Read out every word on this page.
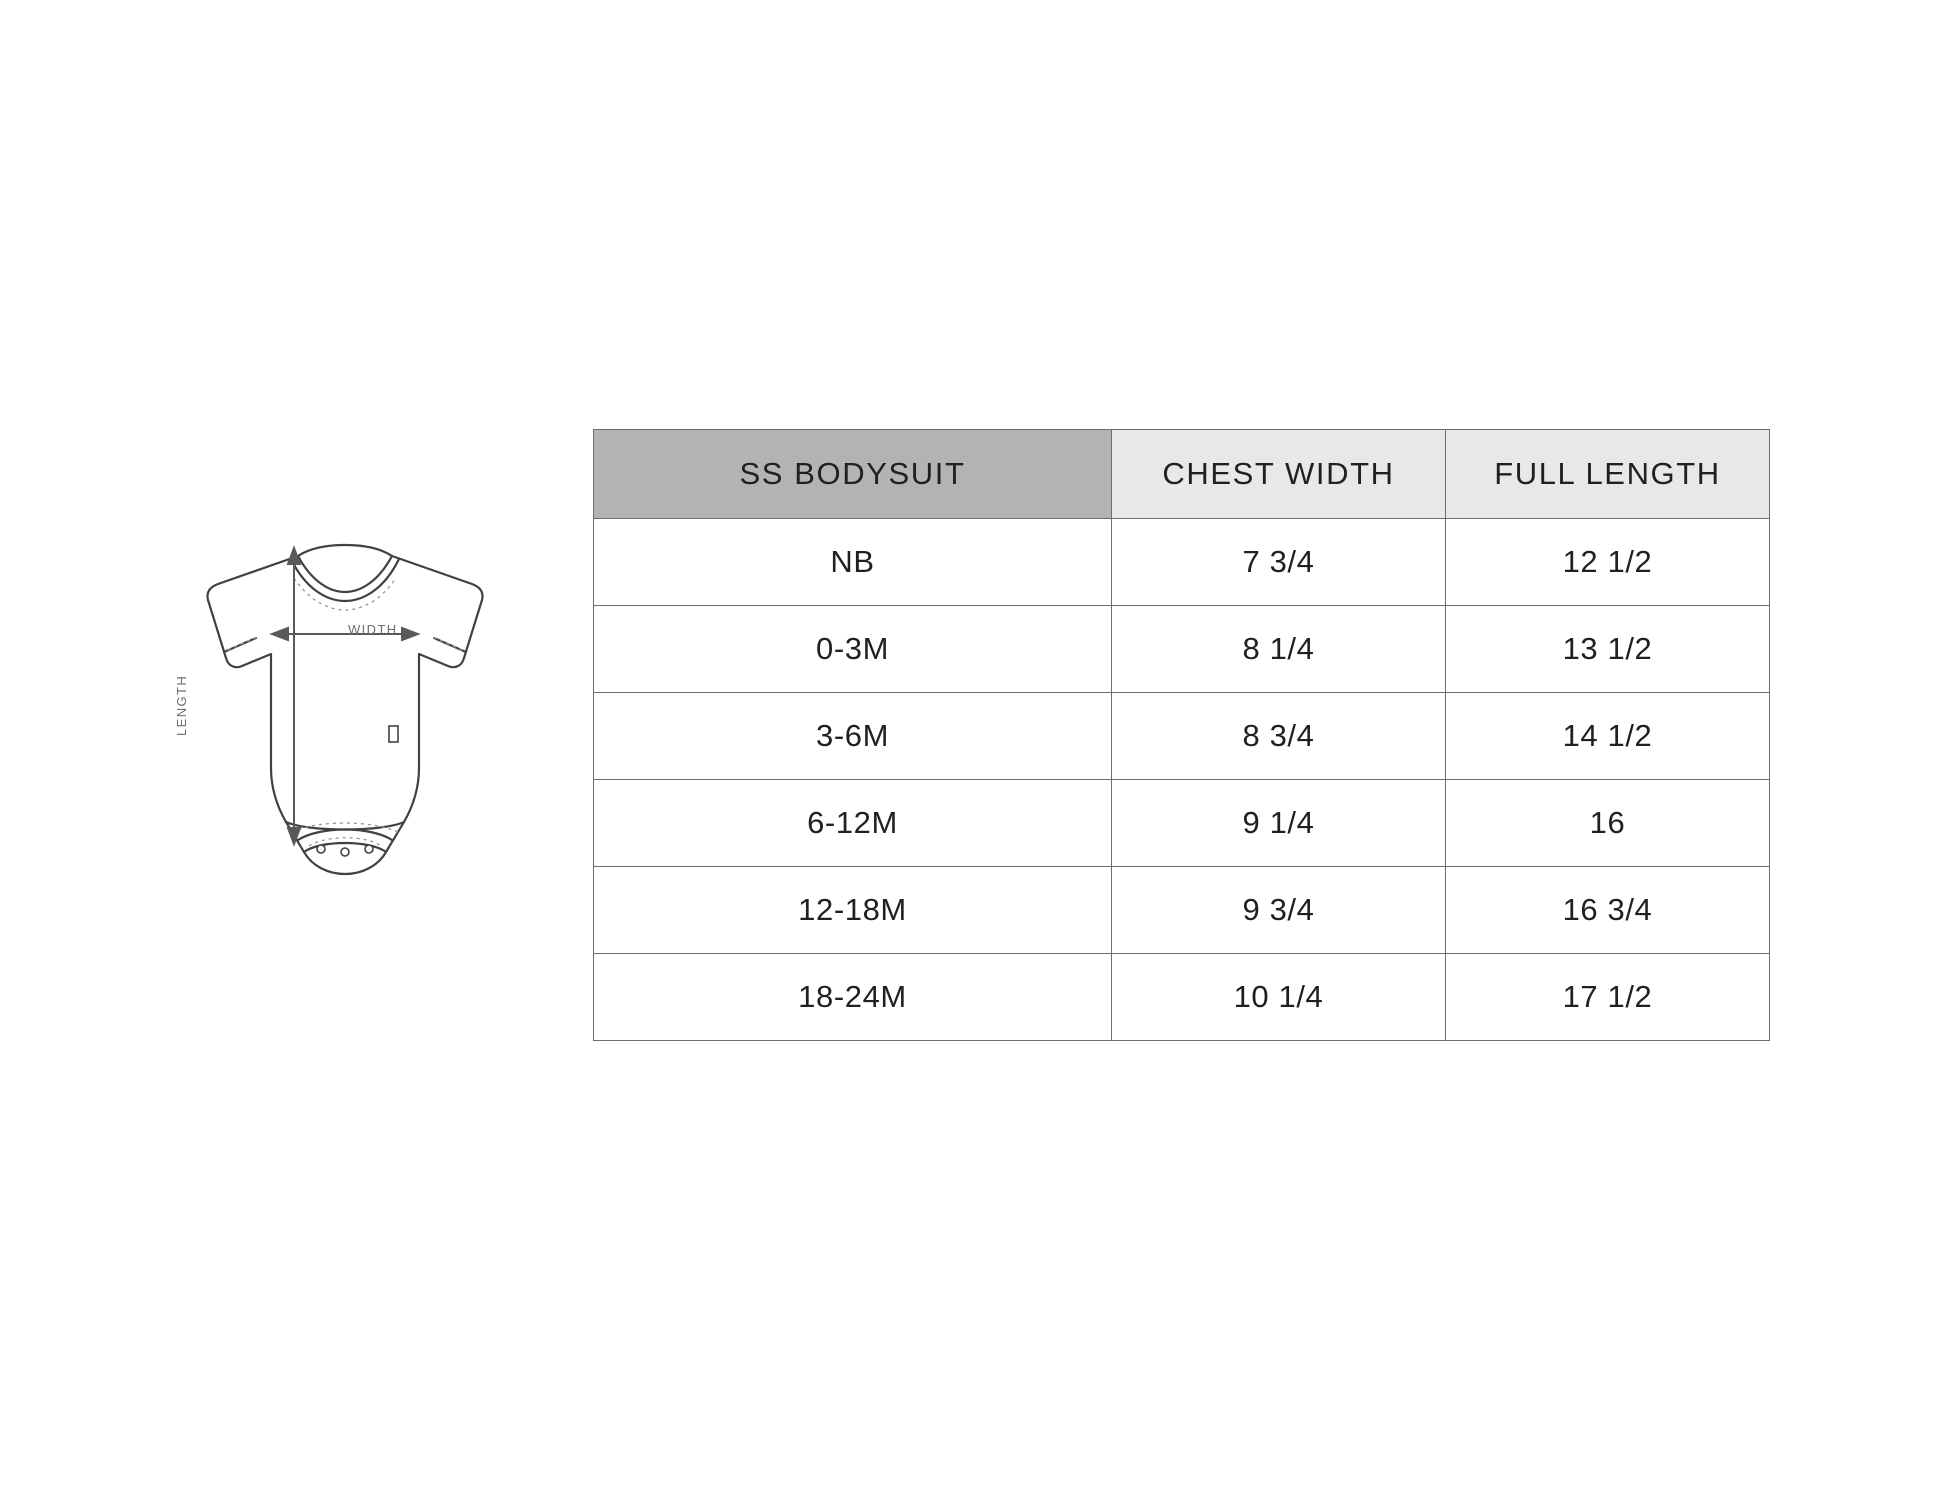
WIDTH
LENGTH
SS BODYSUIT	CHEST WIDTH	FULL LENGTH
NB	7 3/4	12 1/2
0-3M	8 1/4	13 1/2
3-6M	8 3/4	14 1/2
6-12M	9 1/4	16
12-18M	9 3/4	16 3/4
18-24M	10 1/4	17 1/2
